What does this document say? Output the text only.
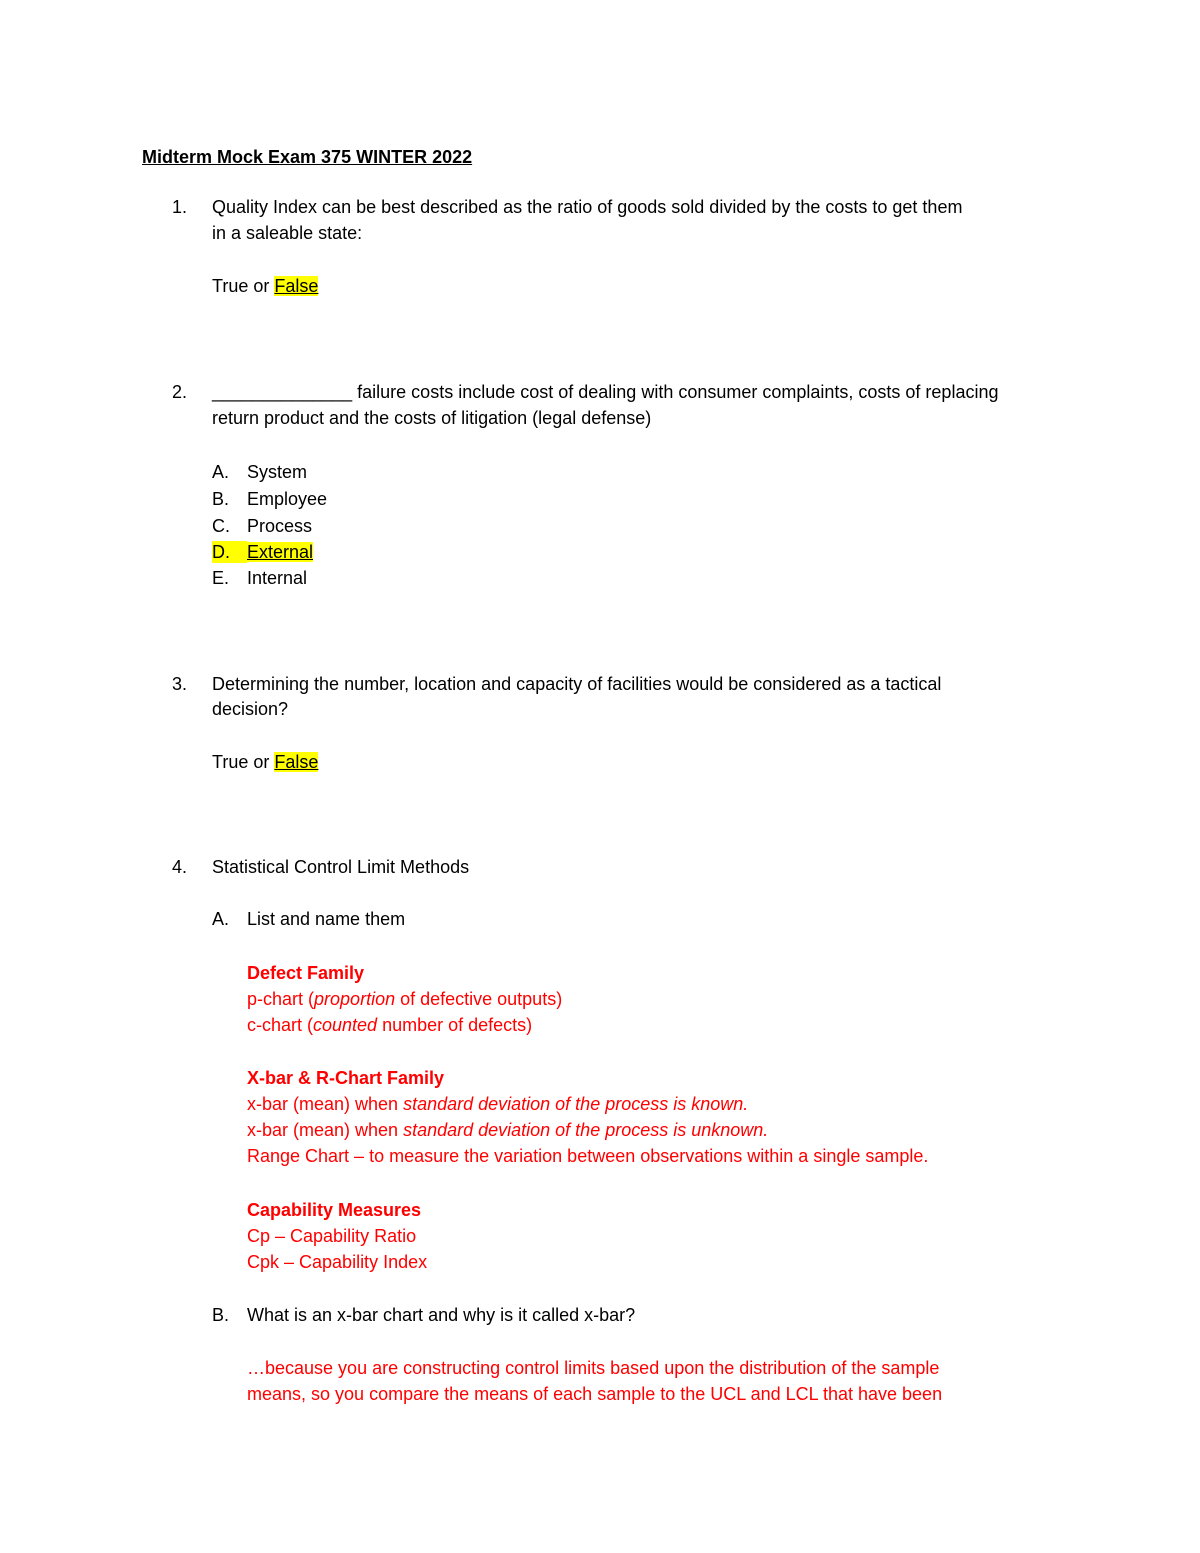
Midterm Mock Exam 375 WINTER 2022
1. Quality Index can be best described as the ratio of goods sold divided by the costs to get them
in a saleable state:
True or False
2. ______________ failure costs include cost of dealing with consumer complaints, costs of replacing
return product and the costs of litigation (legal defense)
A. System
B. Employee
C. Process
D. External
E. Internal
3. Determining the number, location and capacity of facilities would be considered as a tactical
decision?
True or False
4. Statistical Control Limit Methods
A. List and name them
Defect Family
p-chart (proportion of defective outputs)
c-chart (counted number of defects)
X-bar & R-Chart Family
x-bar (mean) when standard deviation of the process is known.
x-bar (mean) when standard deviation of the process is unknown.
Range Chart – to measure the variation between observations within a single sample.
Capability Measures
Cp – Capability Ratio
Cpk – Capability Index
B. What is an x-bar chart and why is it called x-bar?
…because you are constructing control limits based upon the distribution of the sample
means, so you compare the means of each sample to the UCL and LCL that have been
